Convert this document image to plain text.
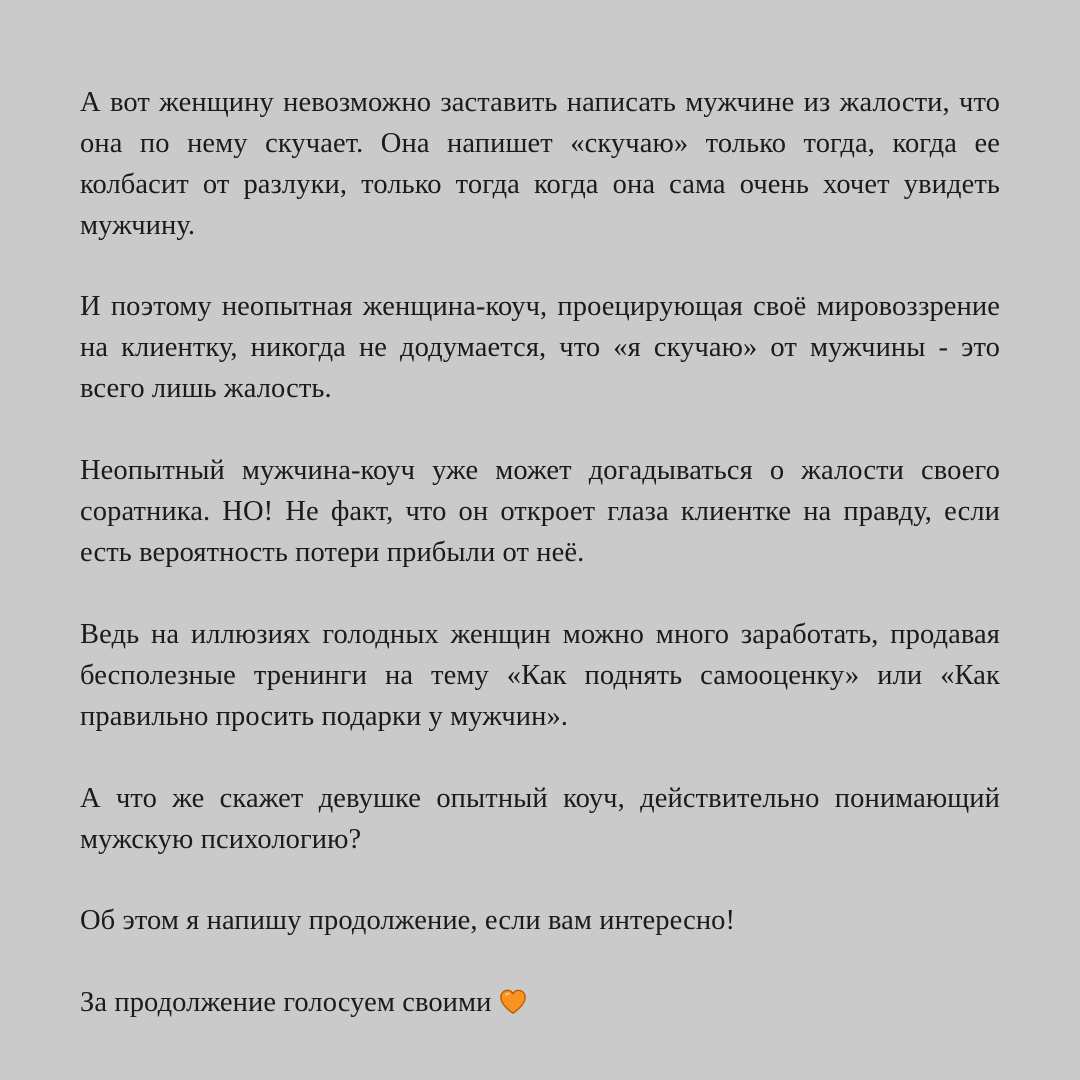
А вот женщину невозможно заставить написать мужчине из жалости, что она по нему скучает. Она напишет «скучаю» только тогда, когда ее колбасит от разлуки, только тогда когда она сама очень хочет увидеть мужчину.

И поэтому неопытная женщина-коуч, проецирующая своё мировоззрение на клиентку, никогда не додумается, что «я скучаю» от мужчины - это всего лишь жалость.

Неопытный мужчина-коуч уже может догадываться о жалости своего соратника. НО! Не факт, что он откроет глаза клиентке на правду, если есть вероятность потери прибыли от неё.

Ведь на иллюзиях голодных женщин можно много заработать, продавая бесполезные тренинги на тему «Как поднять самооценку» или «Как правильно просить подарки у мужчин».

А что же скажет девушке опытный коуч, действительно понимающий мужскую психологию?

Об этом я напишу продолжение, если вам интересно!

За продолжение голосуем своими
